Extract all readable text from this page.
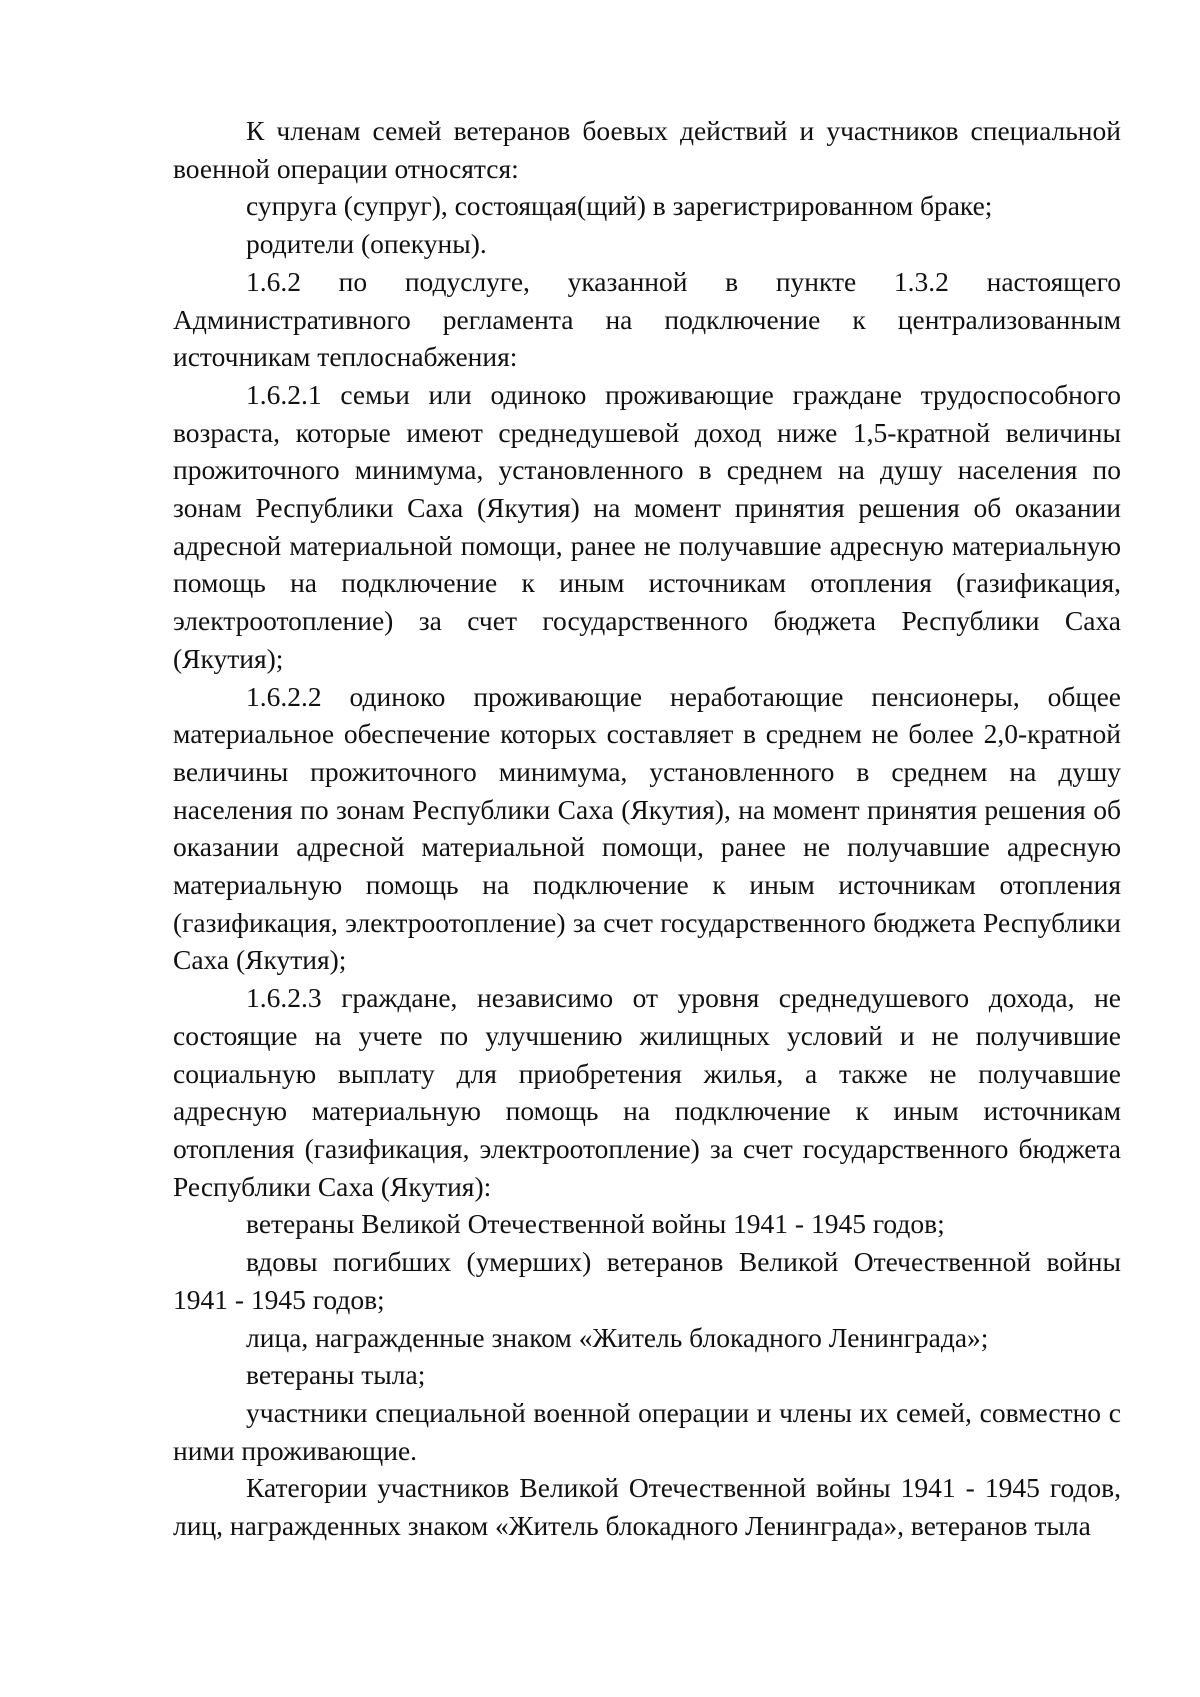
К членам семей ветеранов боевых действий и участников специальной военной операции относятся:

супруга (супруг), состоящая(щий) в зарегистрированном браке;

родители (опекуны).

1.6.2 по подуслуге, указанной в пункте 1.3.2 настоящего Административного регламента на подключение к централизованным источникам теплоснабжения:

1.6.2.1 семьи или одиноко проживающие граждане трудоспособного возраста, которые имеют среднедушевой доход ниже 1,5-кратной величины прожиточного минимума, установленного в среднем на душу населения по зонам Республики Саха (Якутия) на момент принятия решения об оказании адресной материальной помощи, ранее не получавшие адресную материальную помощь на подключение к иным источникам отопления (газификация, электроотопление) за счет государственного бюджета Республики Саха (Якутия);

1.6.2.2 одиноко проживающие неработающие пенсионеры, общее материальное обеспечение которых составляет в среднем не более 2,0-кратной величины прожиточного минимума, установленного в среднем на душу населения по зонам Республики Саха (Якутия), на момент принятия решения об оказании адресной материальной помощи, ранее не получавшие адресную материальную помощь на подключение к иным источникам отопления (газификация, электроотопление) за счет государственного бюджета Республики Саха (Якутия);

1.6.2.3 граждане, независимо от уровня среднедушевого дохода, не состоящие на учете по улучшению жилищных условий и не получившие социальную выплату для приобретения жилья, а также не получавшие адресную материальную помощь на подключение к иным источникам отопления (газификация, электроотопление) за счет государственного бюджета Республики Саха (Якутия):

ветераны Великой Отечественной войны 1941 - 1945 годов;

вдовы погибших (умерших) ветеранов Великой Отечественной войны 1941 - 1945 годов;

лица, награжденные знаком «Житель блокадного Ленинграда»;

ветераны тыла;

участники специальной военной операции и члены их семей, совместно с ними проживающие.

Категории участников Великой Отечественной войны 1941 - 1945 годов, лиц, награжденных знаком «Житель блокадного Ленинграда», ветеранов тыла
